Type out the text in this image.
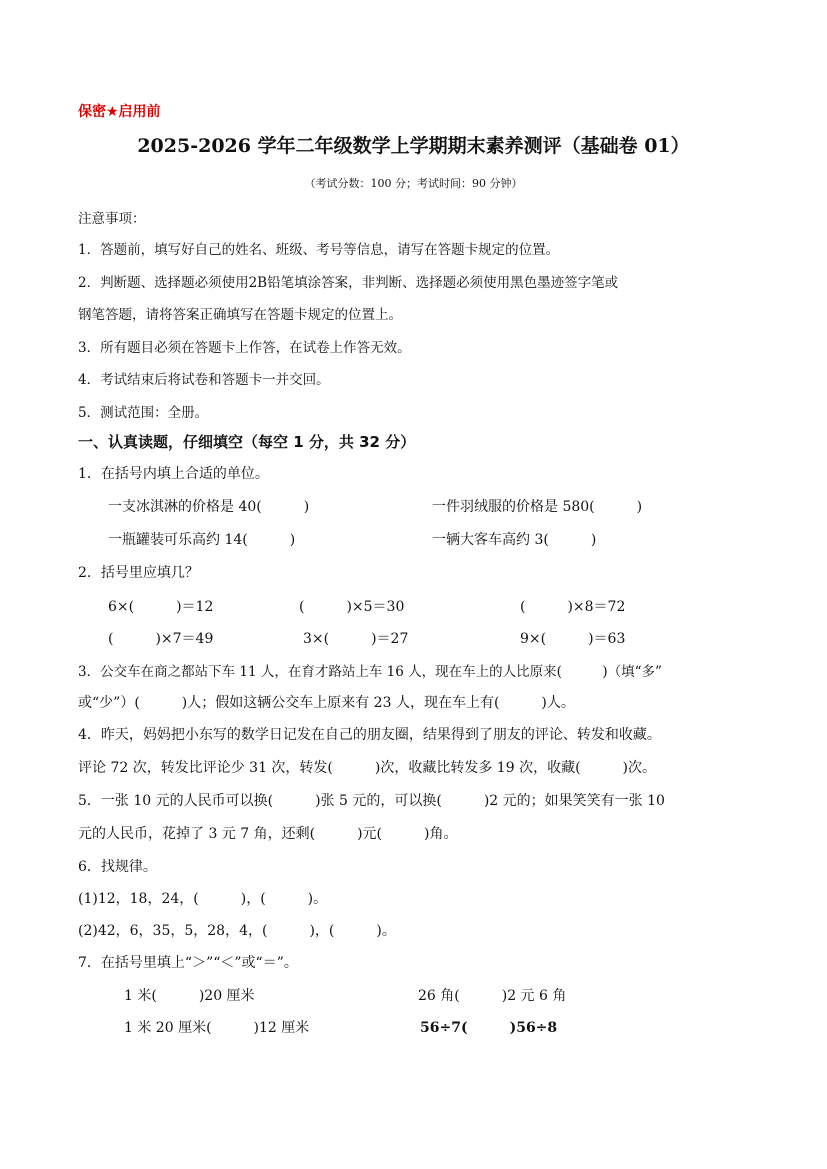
保密★启用前
2025-2026 学年二年级数学上学期期末素养测评（基础卷 01）
（考试分数：100 分；考试时间：90 分钟）
注意事项：
1．答题前，填写好自己的姓名、班级、考号等信息，请写在答题卡规定的位置。
2．判断题、选择题必须使用2B铅笔填涂答案，非判断、选择题必须使用黑色墨迹签字笔或
钢笔答题，请将答案正确填写在答题卡规定的位置上。
3．所有题目必须在答题卡上作答，在试卷上作答无效。
4．考试结束后将试卷和答题卡一并交回。
5．测试范围：全册。
一、认真读题，仔细填空（每空 1 分，共 32 分）
1．在括号内填上合适的单位。
一支冰淇淋的价格是 40(　　　)	一件羽绒服的价格是 580(　　　)
一瓶罐装可乐高约 14(　　　)	一辆大客车高约 3(　　　)
2．括号里应填几？
6×(　　　)＝12	(　　　)×5＝30	(　　　)×8＝72
(　　　)×7＝49	3×(　　　)＝27	9×(　　　)＝63
3．公交车在商之都站下车 11 人，在育才路站上车 16 人，现在车上的人比原来(　　　)（填“多”
或“少”）(　　　)人；假如这辆公交车上原来有 23 人，现在车上有(　　　)人。
4．昨天，妈妈把小东写的数学日记发在自己的朋友圈，结果得到了朋友的评论、转发和收藏。
评论 72 次，转发比评论少 31 次，转发(　　　)次，收藏比转发多 19 次，收藏(　　　)次。
5．一张 10 元的人民币可以换(　　　)张 5 元的，可以换(　　　)2 元的；如果笑笑有一张 10
元的人民币，花掉了 3 元 7 角，还剩(　　　)元(　　　)角。
6．找规律。
(1)12，18，24，(　　　)，(　　　)。
(2)42，6，35，5，28，4，(　　　)，(　　　)。
7．在括号里填上“＞”“＜”或“＝”。
1 米(　　　)20 厘米	26 角(　　　)2 元 6 角
1 米 20 厘米(　　　)12 厘米	56÷7(　　　)56÷8
